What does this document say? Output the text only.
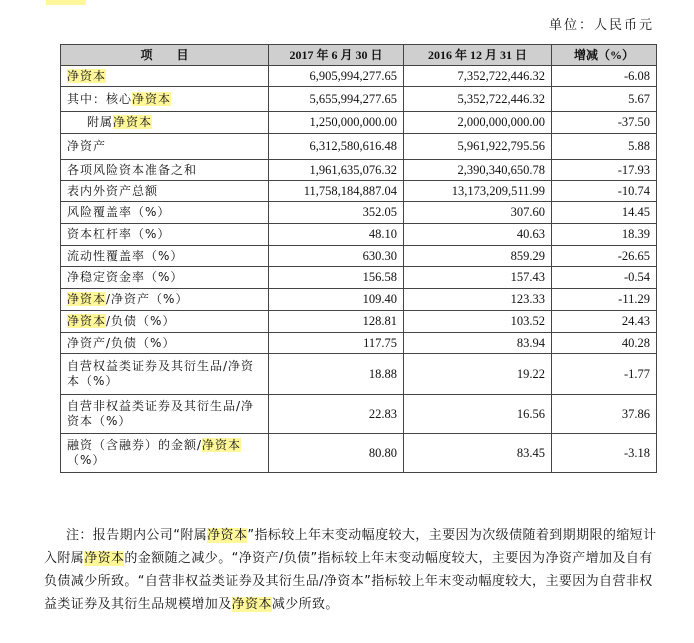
单位：人民币元
项　　目	2017 年 6 月 30 日	2016 年 12 月 31 日	增减（%）
净资本	6,905,994,277.65	7,352,722,446.32	-6.08
其中：核心净资本	5,655,994,277.65	5,352,722,446.32	5.67
附属净资本	1,250,000,000.00	2,000,000,000.00	-37.50
净资产	6,312,580,616.48	5,961,922,795.56	5.88
各项风险资本准备之和	1,961,635,076.32	2,390,340,650.78	-17.93
表内外资产总额	11,758,184,887.04	13,173,209,511.99	-10.74
风险覆盖率（%）	352.05	307.60	14.45
资本杠杆率（%）	48.10	40.63	18.39
流动性覆盖率（%）	630.30	859.29	-26.65
净稳定资金率（%）	156.58	157.43	-0.54
净资本/净资产（%）	109.40	123.33	-11.29
净资本/负债（%）	128.81	103.52	24.43
净资产/负债（%）	117.75	83.94	40.28
自营权益类证券及其衍生品/净资本（%）	18.88	19.22	-1.77
自营非权益类证券及其衍生品/净资本（%）	22.83	16.56	37.86
融资（含融券）的金额/净资本（%）	80.80	83.45	-3.18

注：报告期内公司“附属净资本”指标较上年末变动幅度较大，主要因为次级债随着到期期限的缩短计入附属净资本的金额随之减少。“净资产/负债”指标较上年末变动幅度较大，主要因为净资产增加及自有负债减少所致。“自营非权益类证券及其衍生品/净资本”指标较上年末变动幅度较大，主要因为自营非权益类证券及其衍生品规模增加及净资本减少所致。
